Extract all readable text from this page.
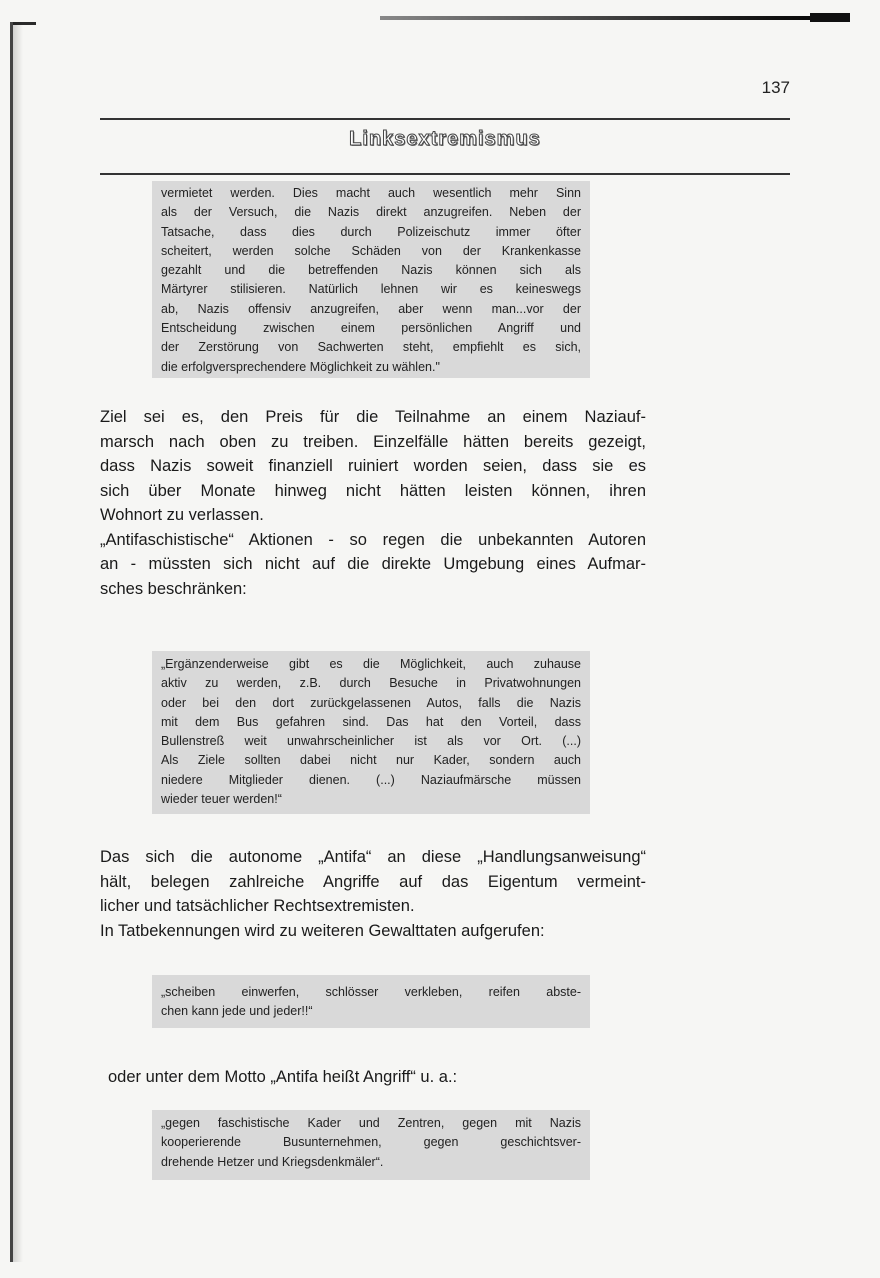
137
Linksextremismus
vermietet werden. Dies macht auch wesentlich mehr Sinn
als der Versuch, die Nazis direkt anzugreifen. Neben der
Tatsache, dass dies durch Polizeischutz immer öfter
scheitert, werden solche Schäden von der Krankenkasse
gezahlt und die betreffenden Nazis können sich als
Märtyrer stilisieren. Natürlich lehnen wir es keineswegs
ab, Nazis offensiv anzugreifen, aber wenn man...vor der
Entscheidung zwischen einem persönlichen Angriff und
der Zerstörung von Sachwerten steht, empfiehlt es sich,
die erfolgversprechendere Möglichkeit zu wählen."
Ziel sei es, den Preis für die Teilnahme an einem Naziauf-
marsch nach oben zu treiben. Einzelfälle hätten bereits gezeigt,
dass Nazis soweit finanziell ruiniert worden seien, dass sie es
sich über Monate hinweg nicht hätten leisten können, ihren
Wohnort zu verlassen.
„Antifaschistische“ Aktionen - so regen die unbekannten Autoren
an - müssten sich nicht auf die direkte Umgebung eines Aufmar-
sches beschränken:
„Ergänzenderweise gibt es die Möglichkeit, auch zuhause
aktiv zu werden, z.B. durch Besuche in Privatwohnungen
oder bei den dort zurückgelassenen Autos, falls die Nazis
mit dem Bus gefahren sind. Das hat den Vorteil, dass
Bullenstreß weit unwahrscheinlicher ist als vor Ort. (...)
Als Ziele sollten dabei nicht nur Kader, sondern auch
niedere Mitglieder dienen. (...) Naziaufmärsche müssen
wieder teuer werden!“
Das sich die autonome „Antifa“ an diese „Handlungsanweisung“
hält, belegen zahlreiche Angriffe auf das Eigentum vermeint-
licher und tatsächlicher Rechtsextremisten.
In Tatbekennungen wird zu weiteren Gewalttaten aufgerufen:
„scheiben einwerfen, schlösser verkleben, reifen abste-
chen kann jede und jeder!!“
oder unter dem Motto „Antifa heißt Angriff“ u. a.:
„gegen faschistische Kader und Zentren, gegen mit Nazis
kooperierende Busunternehmen, gegen geschichtsver-
drehende Hetzer und Kriegsdenkmäler“.
